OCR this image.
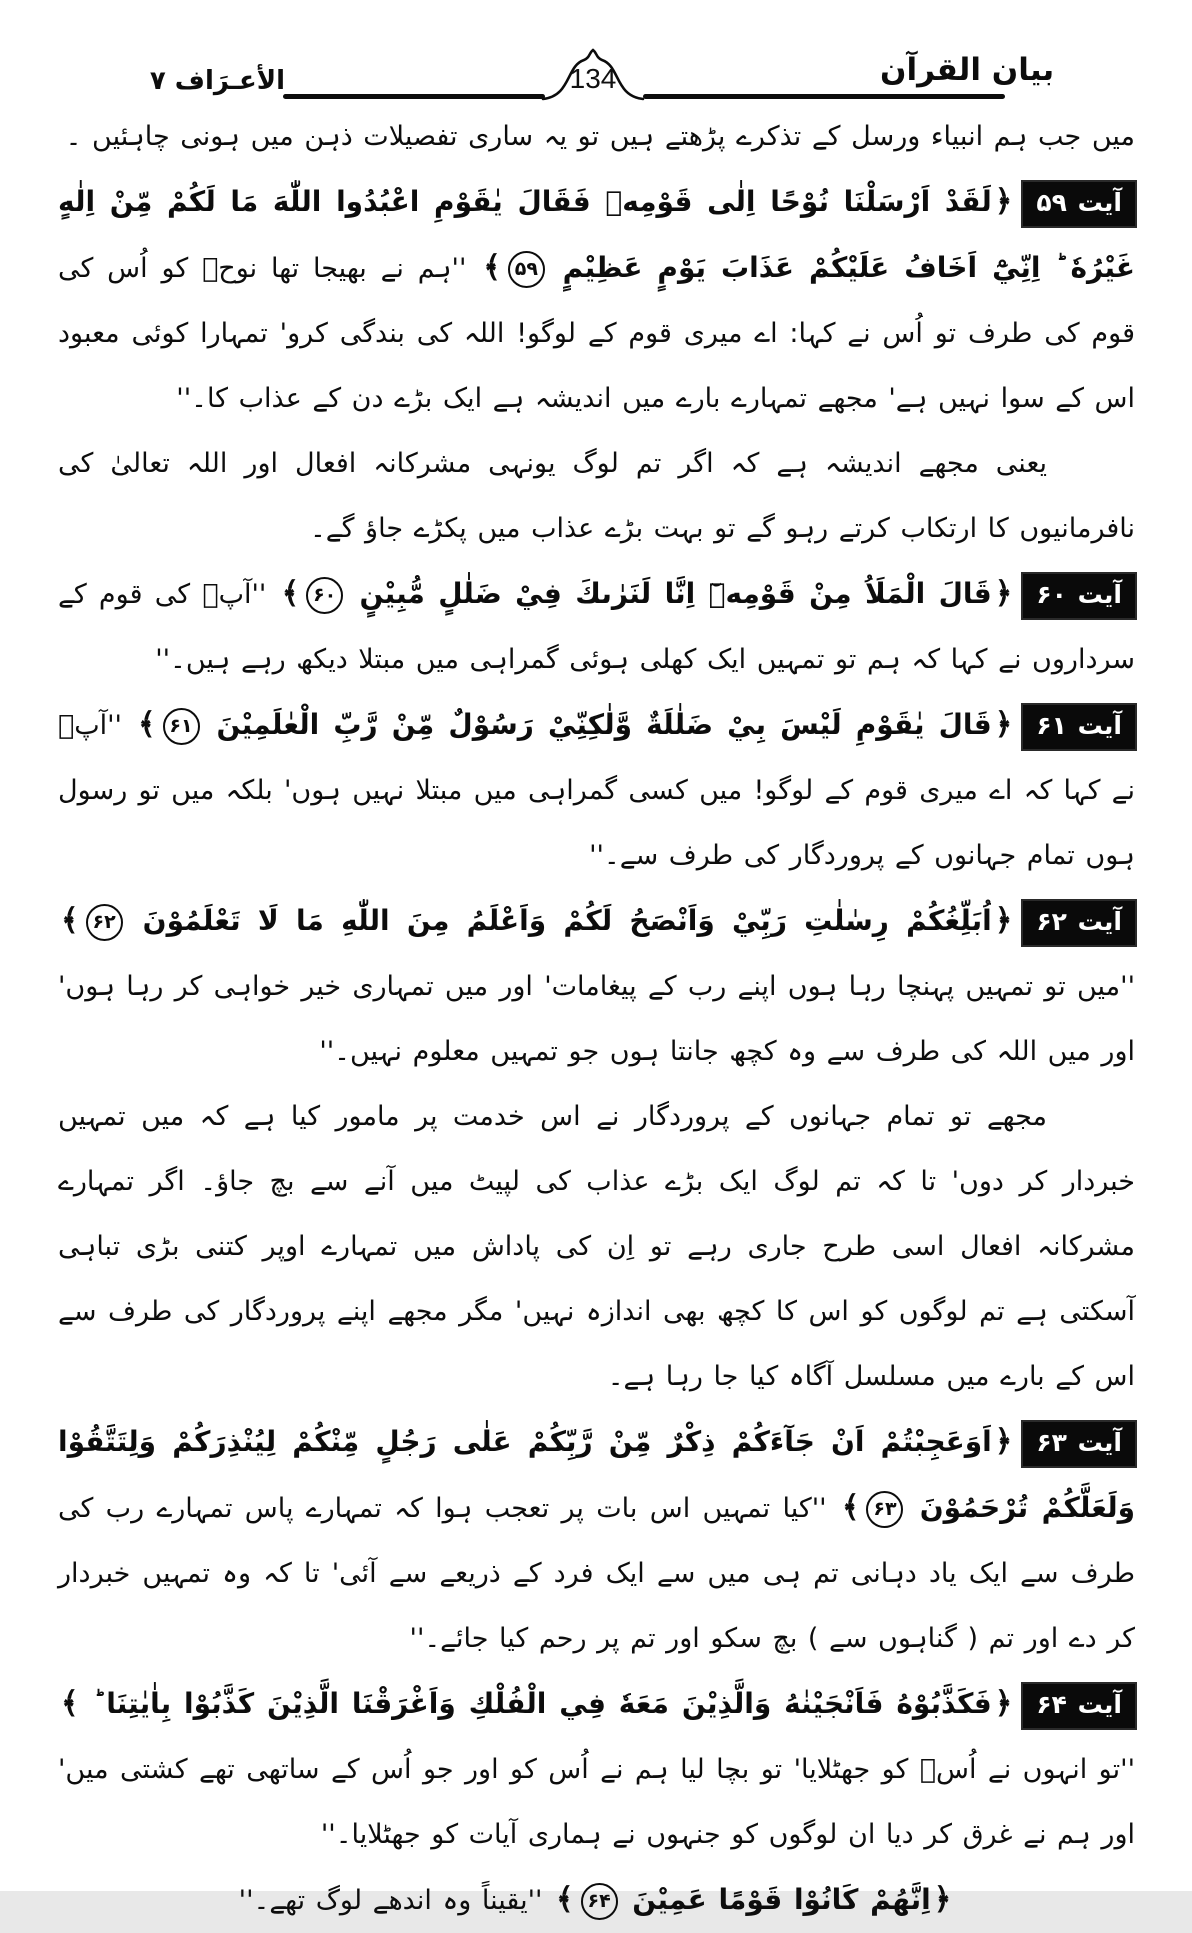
بيان القرآن
134
الأعـرَاف ۷
میں جب ہم انبیاء ورسل کے تذکرے پڑھتے ہیں تو یہ ساری تفصیلات ذہن میں ہونی چاہئیں ۔
آیت ۵۹﴿لَقَدْ اَرْسَلْنَا نُوْحًا اِلٰى قَوْمِهٖ فَقَالَ يٰقَوْمِ اعْبُدُوا اللّٰهَ مَا لَكُمْ مِّنْ اِلٰهٍ غَيْرُهٗ ؕ اِنِّيْٓ اَخَافُ عَلَيْكُمْ عَذَابَ يَوْمٍ عَظِيْمٍ ۵۹﴾ ''ہم نے بھیجا تھا نوحؑ کو اُس کی قوم کی طرف تو اُس نے کہا: اے میری قوم کے لوگو! اللہ کی بندگی کرو' تمہارا کوئی معبود اس کے سوا نہیں ہے' مجھے تمہارے بارے میں اندیشہ ہے ایک بڑے دن کے عذاب کا۔''
یعنی مجھے اندیشہ ہے کہ اگر تم لوگ یونہی مشرکانہ افعال اور اللہ تعالیٰ کی نافرمانیوں کا ارتکاب کرتے رہو گے تو بہت بڑے عذاب میں پکڑے جاؤ گے۔
آیت ۶۰﴿قَالَ الْمَلَاُ مِنْ قَوْمِهٖٓ اِنَّا لَنَرٰىكَ فِيْ ضَلٰلٍ مُّبِيْنٍ ۶۰﴾ ''آپؐ کی قوم کے سرداروں نے کہا کہ ہم تو تمہیں ایک کھلی ہوئی گمراہی میں مبتلا دیکھ رہے ہیں۔''
آیت ۶۱﴿قَالَ يٰقَوْمِ لَيْسَ بِيْ ضَلٰلَةٌ وَّلٰكِنِّيْ رَسُوْلٌ مِّنْ رَّبِّ الْعٰلَمِيْنَ ۶۱﴾ ''آپؑ نے کہا کہ اے میری قوم کے لوگو! میں کسی گمراہی میں مبتلا نہیں ہوں' بلکہ میں تو رسول ہوں تمام جہانوں کے پروردگار کی طرف سے۔''
آیت ۶۲﴿اُبَلِّغُكُمْ رِسٰلٰتِ رَبِّيْ وَاَنْصَحُ لَكُمْ وَاَعْلَمُ مِنَ اللّٰهِ مَا لَا تَعْلَمُوْنَ ۶۲﴾ ''میں تو تمہیں پہنچا رہا ہوں اپنے رب کے پیغامات' اور میں تمہاری خیر خواہی کر رہا ہوں' اور میں اللہ کی طرف سے وہ کچھ جانتا ہوں جو تمہیں معلوم نہیں۔''
مجھے تو تمام جہانوں کے پروردگار نے اس خدمت پر مامور کیا ہے کہ میں تمہیں خبردار کر دوں' تا کہ تم لوگ ایک بڑے عذاب کی لپیٹ میں آنے سے بچ جاؤ۔ اگر تمہارے مشرکانہ افعال اسی طرح جاری رہے تو اِن کی پاداش میں تمہارے اوپر کتنی بڑی تباہی آسکتی ہے تم لوگوں کو اس کا کچھ بھی اندازہ نہیں' مگر مجھے اپنے پروردگار کی طرف سے اس کے بارے میں مسلسل آگاہ کیا جا رہا ہے۔
آیت ۶۳﴿اَوَعَجِبْتُمْ اَنْ جَآءَكُمْ ذِكْرٌ مِّنْ رَّبِّكُمْ عَلٰى رَجُلٍ مِّنْكُمْ لِيُنْذِرَكُمْ وَلِتَتَّقُوْا وَلَعَلَّكُمْ تُرْحَمُوْنَ ۶۳﴾ ''کیا تمہیں اس بات پر تعجب ہوا کہ تمہارے پاس تمہارے رب کی طرف سے ایک یاد دہانی تم ہی میں سے ایک فرد کے ذریعے سے آئی' تا کہ وہ تمہیں خبردار کر دے اور تم ( گناہوں سے ) بچ سکو اور تم پر رحم کیا جائے۔''
آیت ۶۴﴿فَكَذَّبُوْهُ فَاَنْجَيْنٰهُ وَالَّذِيْنَ مَعَهٗ فِي الْفُلْكِ وَاَغْرَقْنَا الَّذِيْنَ كَذَّبُوْا بِاٰيٰتِنَا ؕ ﴾ ''تو انہوں نے اُسؑ کو جھٹلایا' تو بچا لیا ہم نے اُس کو اور جو اُس کے ساتھی تھے کشتی میں' اور ہم نے غرق کر دیا ان لوگوں کو جنہوں نے ہماری آیات کو جھٹلایا۔''
﴿اِنَّهُمْ كَانُوْا قَوْمًا عَمِيْنَ ۶۴﴾ ''یقیناً وہ اندھے لوگ تھے۔''
